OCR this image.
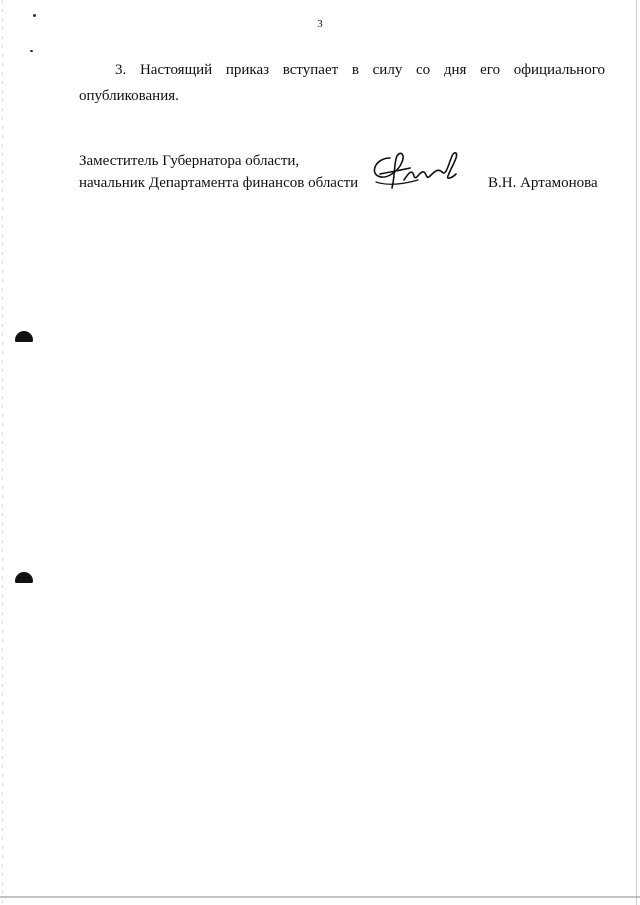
3

3. Настоящий приказ вступает в силу со дня его официального опубликования.

Заместитель Губернатора области,
начальник Департамента финансов области	В.Н. Артамонова
